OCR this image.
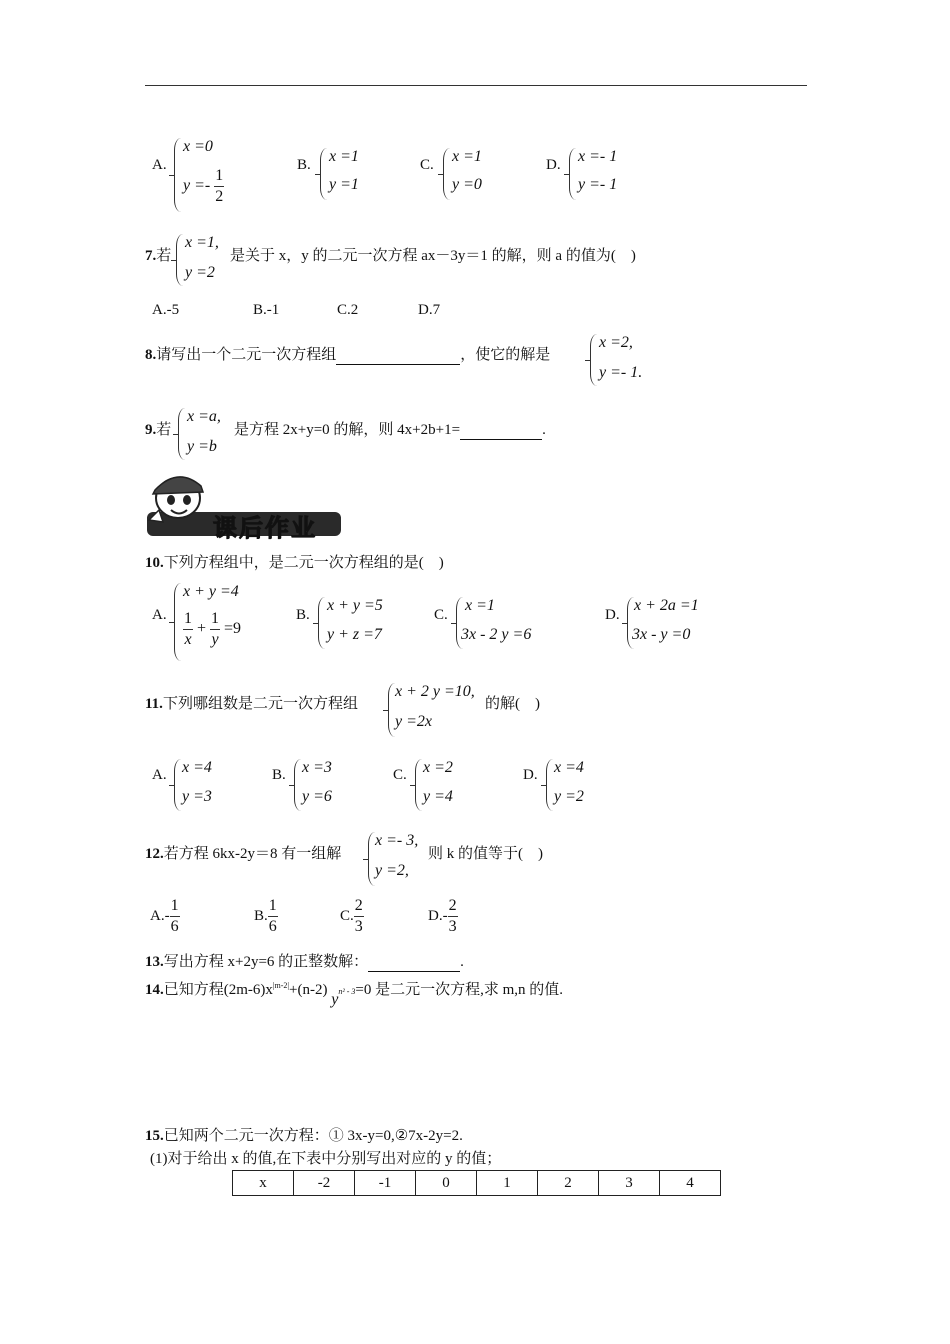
A.
x =0
$y =- \frac{1}{2}$
B. x =1
y =1
C. x =1
y =0
D. x =- 1
y =- 1
7.若
x =1,
y =2
是关于 x，y 的二元一次方程 ax－3y＝1 的解，则 a 的值为(　)
A.-5	B.-1	C.2	D.7
8.请写出一个二元一次方程组	，使它的解是
x =2,
y =- 1.
9.若
x =a,
y =b
是方程 2x+y=0 的解，则 4x+2b+1=	.
课后作业
10.下列方程组中，是二元一次方程组的是(　)
A.
x + y =4
$\frac{1}{x} + \frac{1}{y} =9$
B.
x + y =5
y + z =7
C.
x =1
3x - 2 y =6
D.
x + 2a =1
3x - y =0
11.下列哪组数是二元一次方程组
x + 2 y =10,
y =2x
的解(　)
A. x =4
y =3
B. x =3
y =6
C. x =2
y =4
D. x =4
y =2
12.若方程 6kx-2y＝8 有一组解
x =- 3,
y =2,
则 k 的值等于(　)
$A.- \frac{1}{6}$	B. $\frac{1}{6}$	C. $\frac{2}{3}$	$D.- \frac{2}{3}$
13.写出方程 x+2y=6 的正整数解：	.
14.已知方程$(2m-6)x^{|m-2|}+(n-2)$ $y^{n^2 - 3}=0$ 是二元一次方程,求 m,n 的值.
15.已知两个二元一次方程：① 3x-y=0,②7x-2y=2.
(1)对于给出 x 的值,在下表中分别写出对应的 y 的值；
x	-2	-1	0	1	2	3	4
